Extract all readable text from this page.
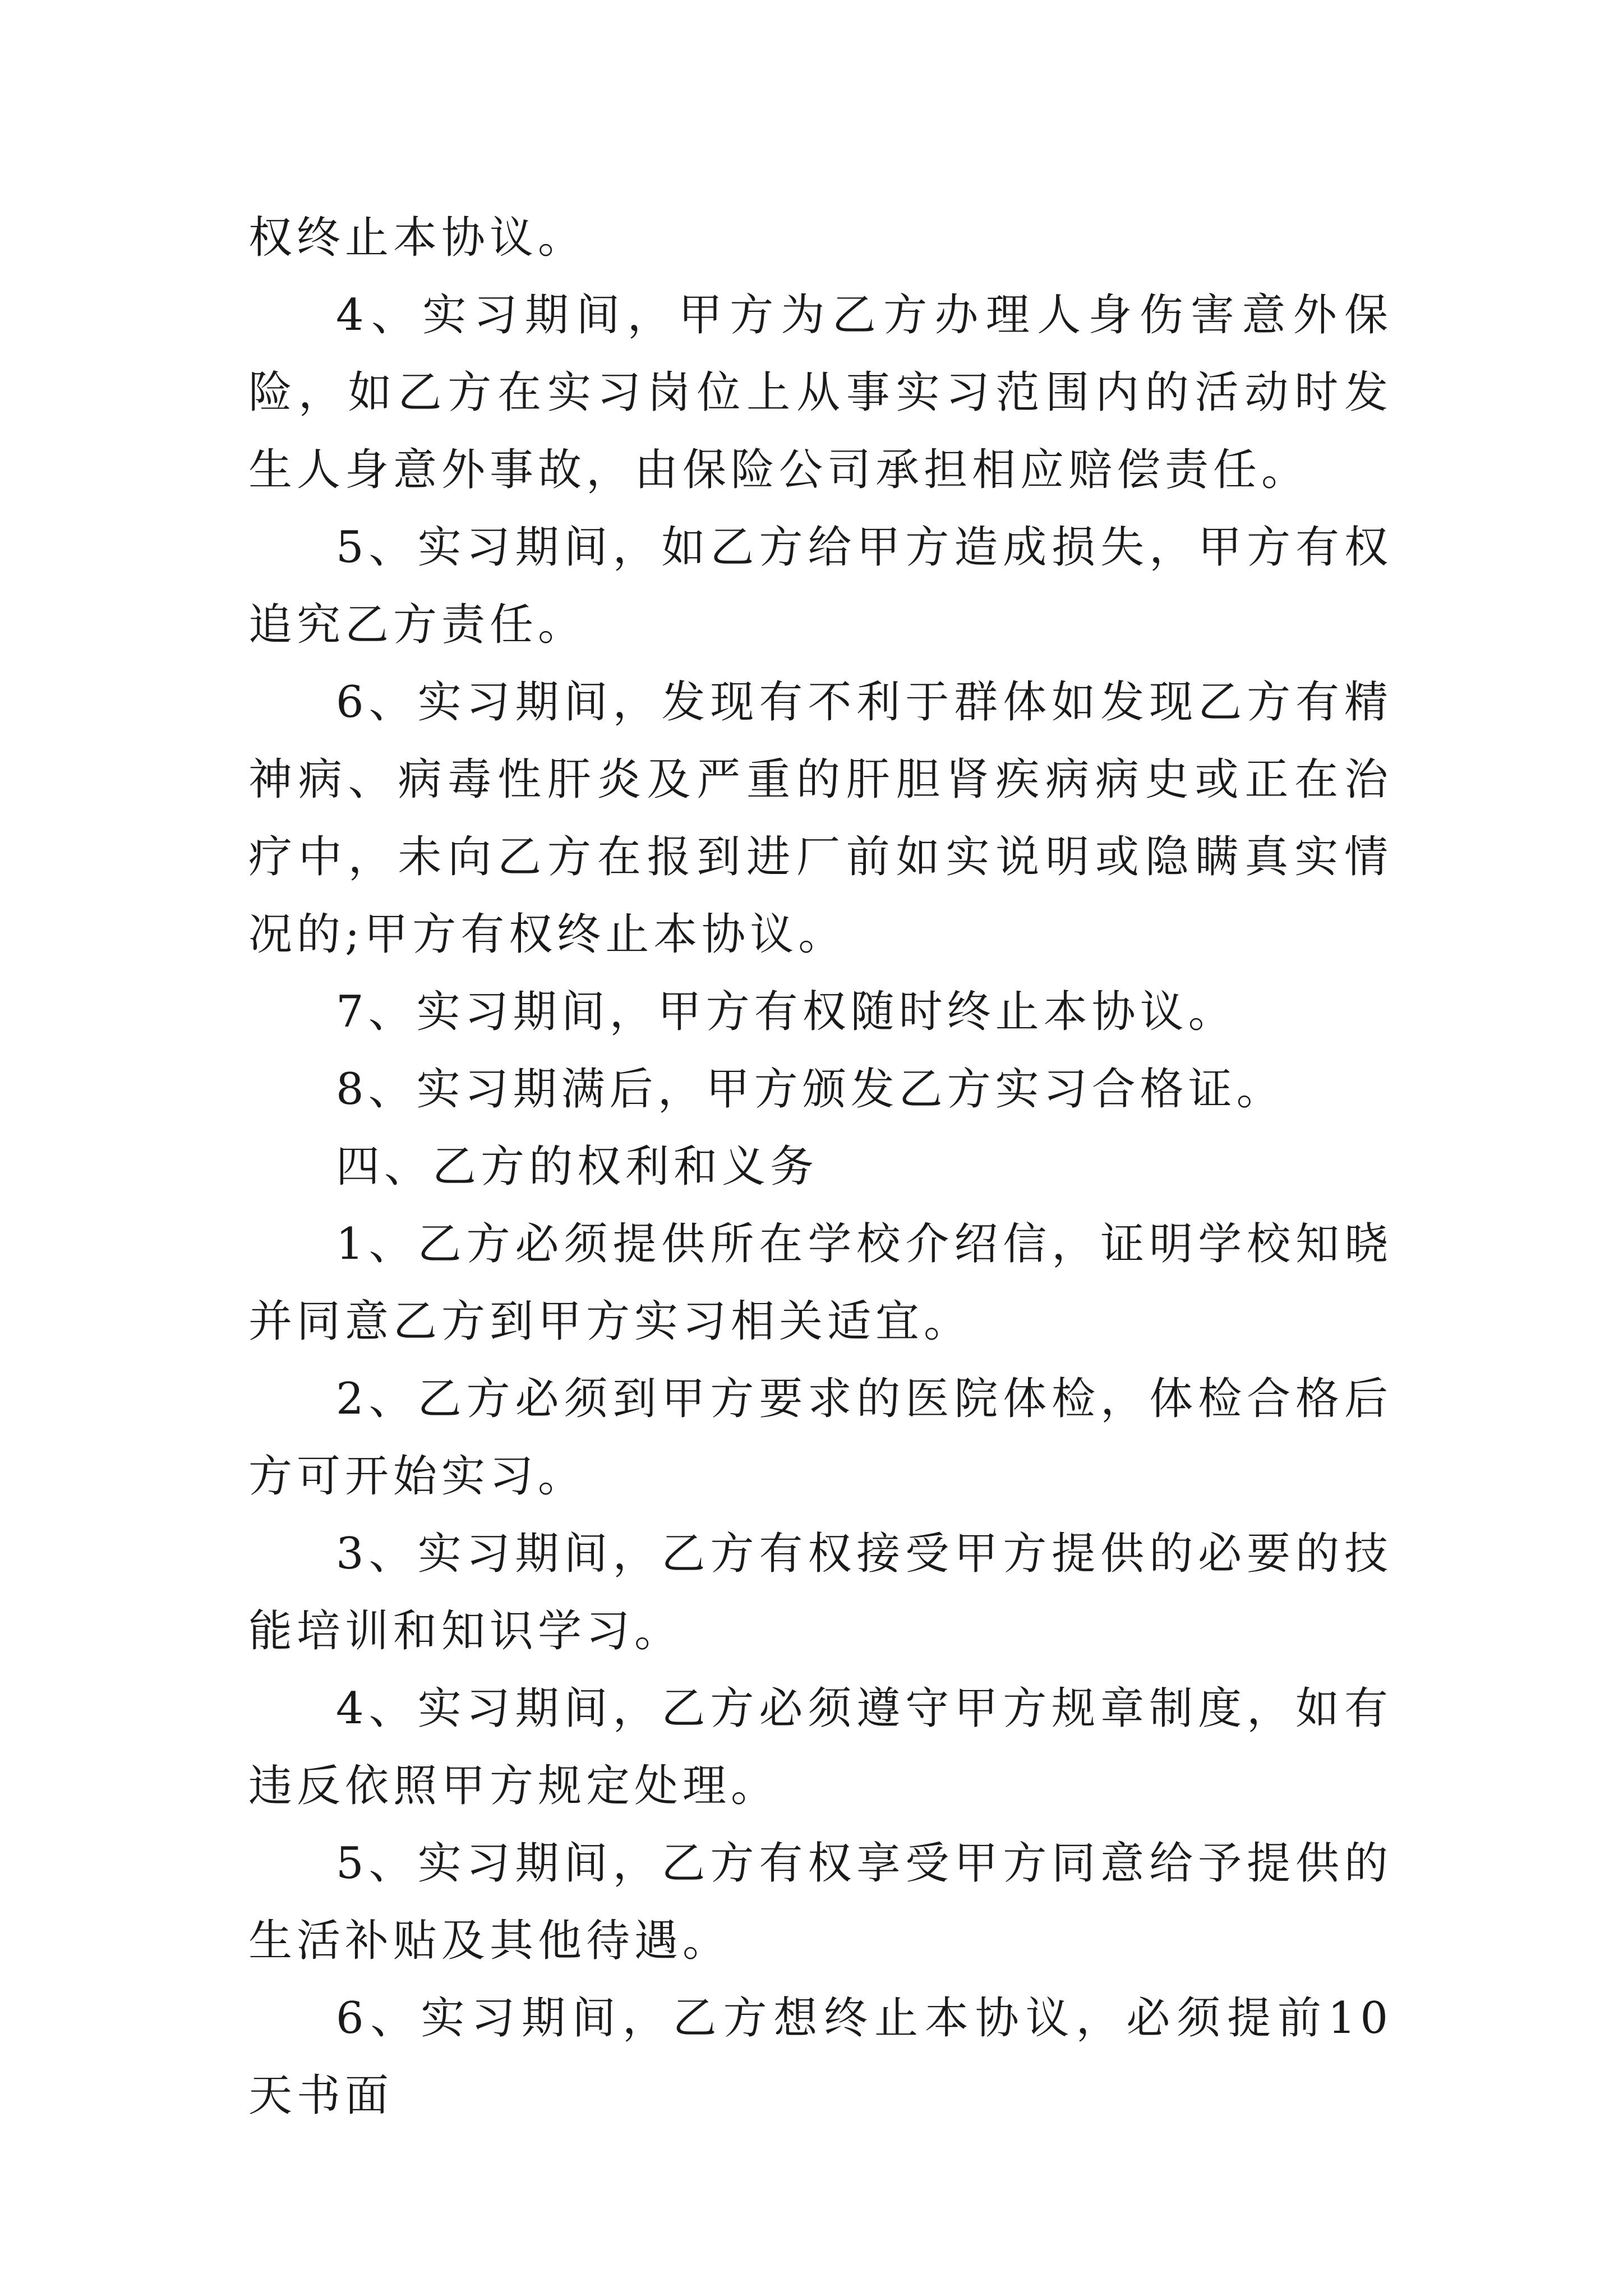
权终止本协议。

4、实习期间，甲方为乙方办理人身伤害意外保险，如乙方在实习岗位上从事实习范围内的活动时发生人身意外事故，由保险公司承担相应赔偿责任。

5、实习期间，如乙方给甲方造成损失，甲方有权追究乙方责任。

6、实习期间，发现有不利于群体如发现乙方有精神病、病毒性肝炎及严重的肝胆肾疾病病史或正在治疗中，未向乙方在报到进厂前如实说明或隐瞒真实情况的;甲方有权终止本协议。

7、实习期间，甲方有权随时终止本协议。

8、实习期满后，甲方颁发乙方实习合格证。

四、乙方的权利和义务

1、乙方必须提供所在学校介绍信，证明学校知晓并同意乙方到甲方实习相关适宜。

2、乙方必须到甲方要求的医院体检，体检合格后方可开始实习。

3、实习期间，乙方有权接受甲方提供的必要的技能培训和知识学习。

4、实习期间，乙方必须遵守甲方规章制度，如有违反依照甲方规定处理。

5、实习期间，乙方有权享受甲方同意给予提供的生活补贴及其他待遇。

6、实习期间，乙方想终止本协议，必须提前10天书面
